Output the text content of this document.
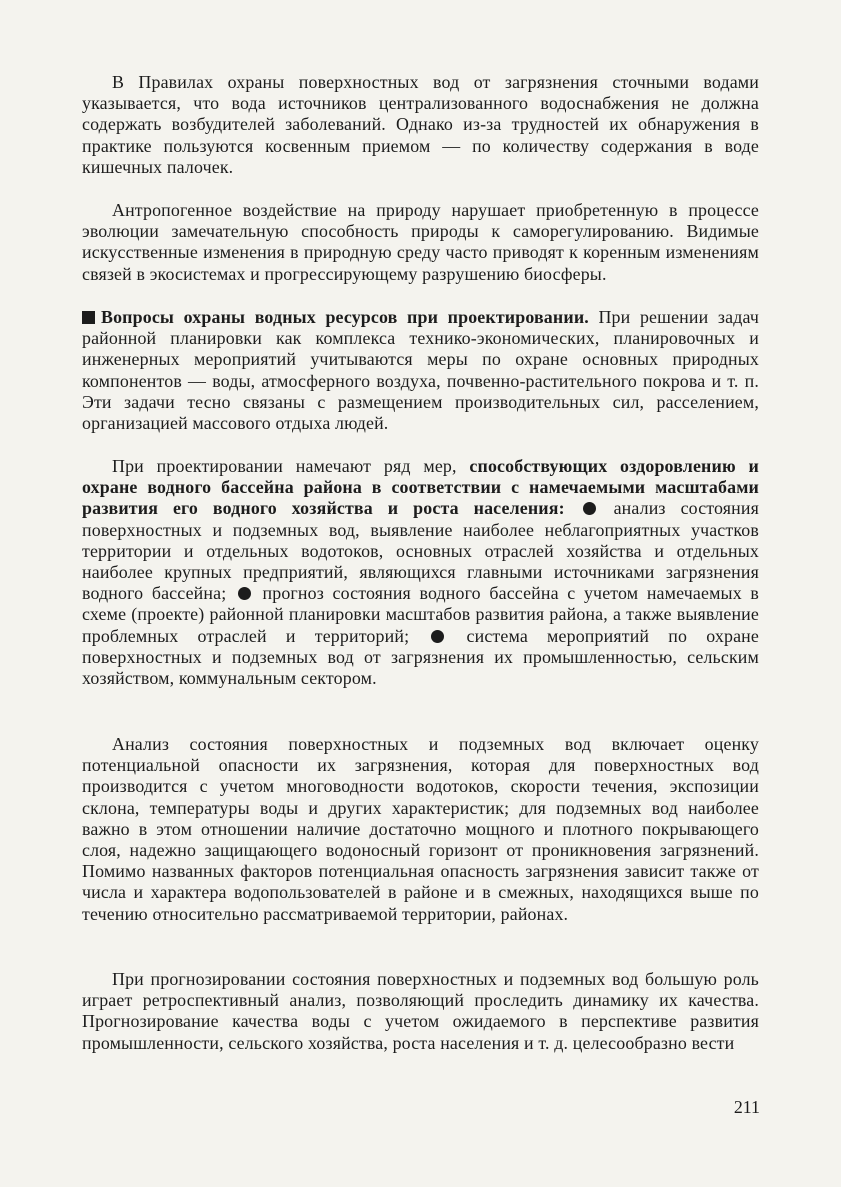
В Правилах охраны поверхностных вод от загрязнения сточными водами указывается, что вода источников централизованного водоснабжения не должна содержать возбудителей заболеваний. Однако из-за трудностей их обнаружения в практике пользуются косвенным приемом — по количеству содержания в воде кишечных палочек.

Антропогенное воздействие на природу нарушает приобретенную в процессе эволюции замечательную способность природы к саморегулированию. Видимые искусственные изменения в природную среду часто приводят к коренным изменениям связей в экосистемах и прогрессирующему разрушению биосферы.

Вопросы охраны водных ресурсов при проектировании. При решении задач районной планировки как комплекса технико-экономических, планировочных и инженерных мероприятий учитываются меры по охране основных природных компонентов — воды, атмосферного воздуха, почвенно-растительного покрова и т. п. Эти задачи тесно связаны с размещением производительных сил, расселением, организацией массового отдыха людей.

При проектировании намечают ряд мер, способствующих оздоровлению и охране водного бассейна района в соответствии с намечаемыми масштабами развития его водного хозяйства и роста населения:  анализ состояния поверхностных и подземных вод, выявление наиболее неблагоприятных участков территории и отдельных водотоков, основных отраслей хозяйства и отдельных наиболее крупных предприятий, являющихся главными источниками загрязнения водного бассейна;  прогноз состояния водного бассейна с учетом намечаемых в схеме (проекте) районной планировки масштабов развития района, а также выявление проблемных отраслей и территорий;  система мероприятий по охране поверхностных и подземных вод от загрязнения их промышленностью, сельским хозяйством, коммунальным сектором.

Анализ состояния поверхностных и подземных вод включает оценку потенциальной опасности их загрязнения, которая для поверхностных вод производится с учетом многоводности водотоков, скорости течения, экспозиции склона, температуры воды и других характеристик; для подземных вод наиболее важно в этом отношении наличие достаточно мощного и плотного покрывающего слоя, надежно защищающего водоносный горизонт от проникновения загрязнений. Помимо названных факторов потенциальная опасность загрязнения зависит также от числа и характера водопользователей в районе и в смежных, находящихся выше по течению относительно рассматриваемой территории, районах.

При прогнозировании состояния поверхностных и подземных вод большую роль играет ретроспективный анализ, позволяющий проследить динамику их качества. Прогнозирование качества воды с учетом ожидаемого в перспективе развития промышленности, сельского хозяйства, роста населения и т. д. целесообразно вести

211
